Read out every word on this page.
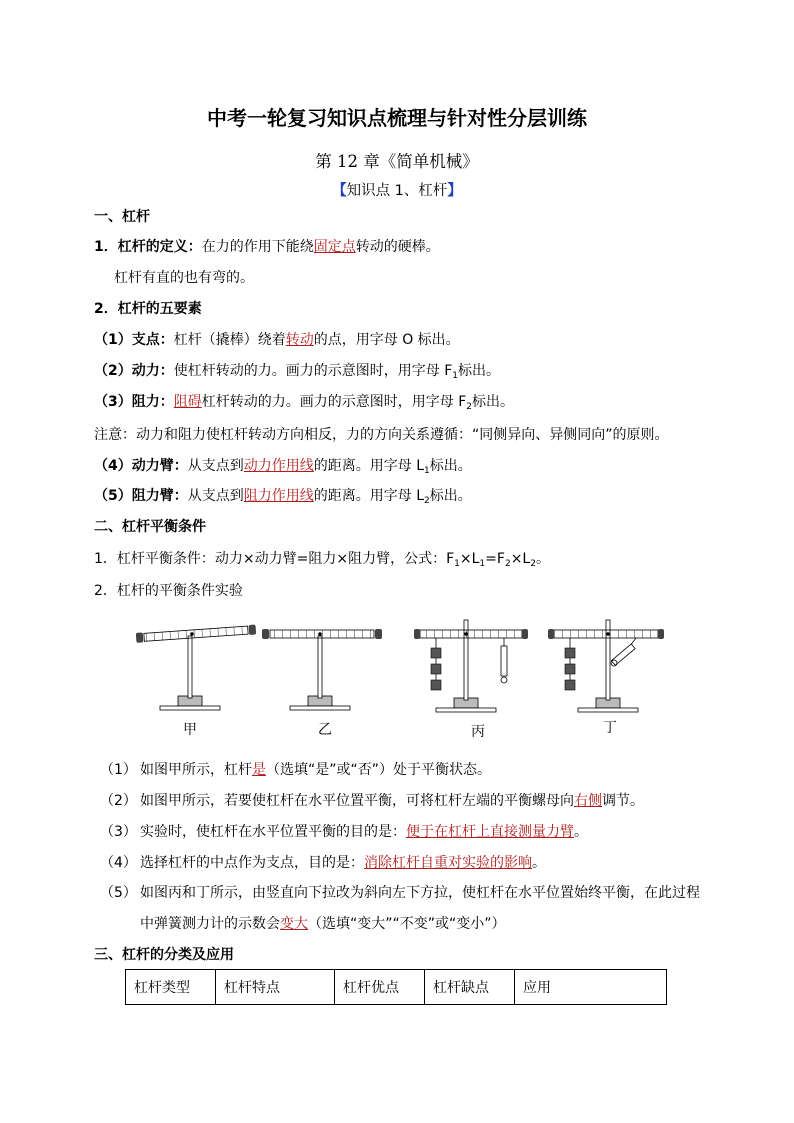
中考一轮复习知识点梳理与针对性分层训练
第 12 章《简单机械》
【知识点 1、杠杆】
一、杠杆
1．杠杆的定义：在力的作用下能绕固定点转动的硬棒。
杠杆有直的也有弯的。
2．杠杆的五要素
（1）支点：杠杆（撬棒）绕着转动的点，用字母 O 标出。
（2）动力：使杠杆转动的力。画力的示意图时，用字母 $F_1$标出。
（3）阻力：阻碍杠杆转动的力。画力的示意图时，用字母 $F_2$标出。
注意：动力和阻力使杠杆转动方向相反，力的方向关系遵循：“同侧异向、异侧同向”的原则。
（4）动力臂：从支点到动力作用线的距离。用字母 $L_1$标出。
（5）阻力臂：从支点到阻力作用线的距离。用字母 $L_2$标出。
二、杠杆平衡条件
1．杠杆平衡条件：动力×动力臂=阻力×阻力臂，公式：$F_1\times L_1=F_2\times L_2$。
2．杠杆的平衡条件实验
甲	乙	丙	丁
（1） 如图甲所示，杠杆是（选填“是”或“否”）处于平衡状态。
（2） 如图甲所示，若要使杠杆在水平位置平衡，可将杠杆左端的平衡螺母向右侧调节。
（3） 实验时，使杠杆在水平位置平衡的目的是：便于在杠杆上直接测量力臂。
（4） 选择杠杆的中点作为支点，目的是：消除杠杆自重对实验的影响。
（5） 如图丙和丁所示，由竖直向下拉改为斜向左下方拉，使杠杆在水平位置始终平衡，在此过程
中弹簧测力计的示数会变大（选填“变大”“不变”或“变小”）
三、杠杆的分类及应用
杠杆类型	杠杆特点	杠杆优点	杠杆缺点	应用
